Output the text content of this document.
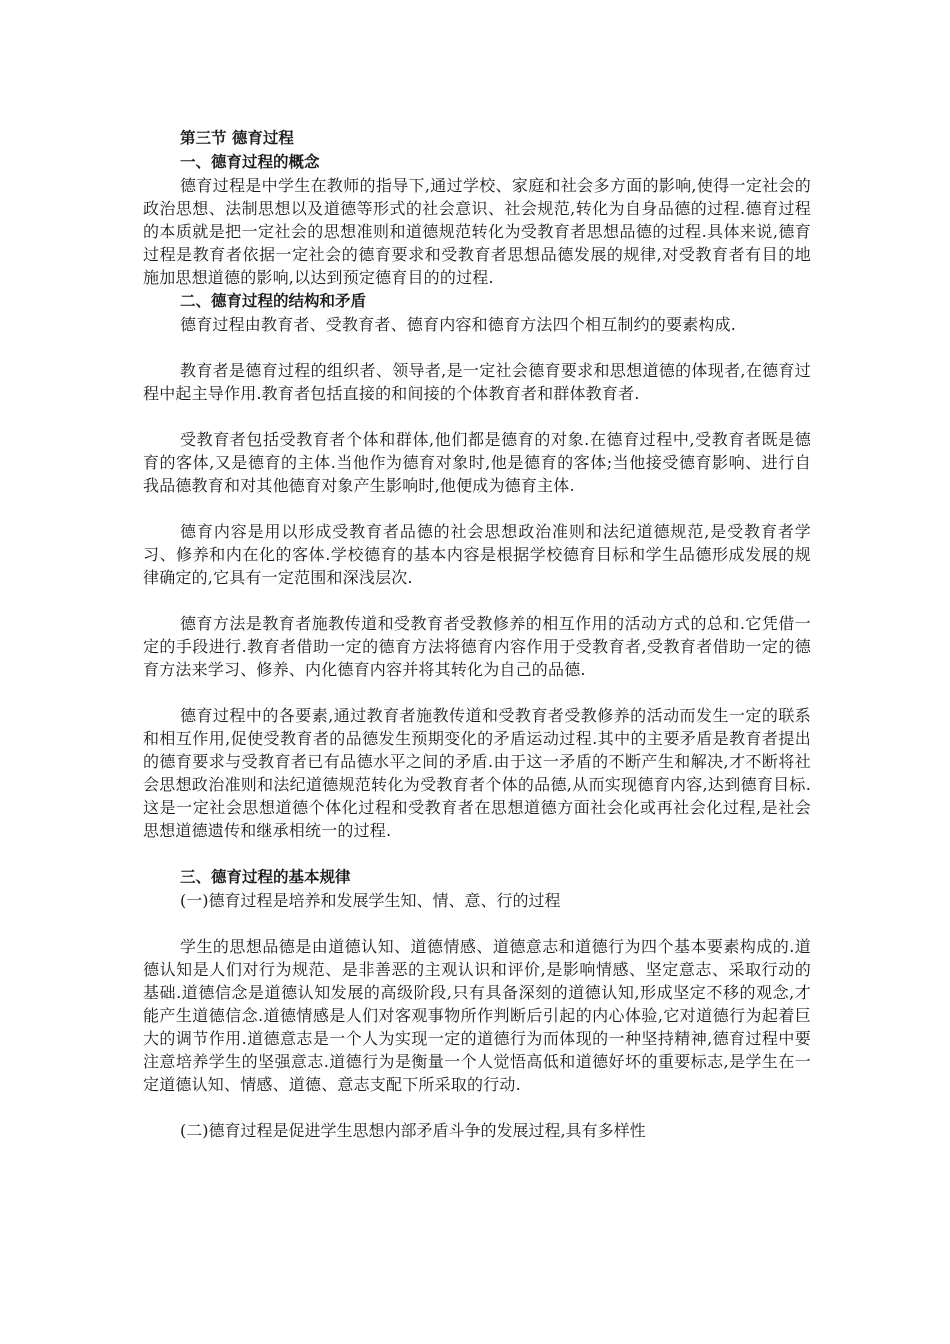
第三节 德育过程

一、德育过程的概念

德育过程是中学生在教师的指导下,通过学校、家庭和社会多方面的影响,使得一定社会的政治思想、法制思想以及道德等形式的社会意识、社会规范,转化为自身品德的过程.德育过程的本质就是把一定社会的思想准则和道德规范转化为受教育者思想品德的过程.具体来说,德育过程是教育者依据一定社会的德育要求和受教育者思想品德发展的规律,对受教育者有目的地施加思想道德的影响,以达到预定德育目的的过程.

二、德育过程的结构和矛盾

德育过程由教育者、受教育者、德育内容和德育方法四个相互制约的要素构成.

教育者是德育过程的组织者、领导者,是一定社会德育要求和思想道德的体现者,在德育过程中起主导作用.教育者包括直接的和间接的个体教育者和群体教育者.

受教育者包括受教育者个体和群体,他们都是德育的对象.在德育过程中,受教育者既是德育的客体,又是德育的主体.当他作为德育对象时,他是德育的客体;当他接受德育影响、进行自我品德教育和对其他德育对象产生影响时,他便成为德育主体.

德育内容是用以形成受教育者品德的社会思想政治准则和法纪道德规范,是受教育者学习、修养和内在化的客体.学校德育的基本内容是根据学校德育目标和学生品德形成发展的规律确定的,它具有一定范围和深浅层次.

德育方法是教育者施教传道和受教育者受教修养的相互作用的活动方式的总和.它凭借一定的手段进行.教育者借助一定的德育方法将德育内容作用于受教育者,受教育者借助一定的德育方法来学习、修养、内化德育内容并将其转化为自己的品德.

德育过程中的各要素,通过教育者施教传道和受教育者受教修养的活动而发生一定的联系和相互作用,促使受教育者的品德发生预期变化的矛盾运动过程.其中的主要矛盾是教育者提出的德育要求与受教育者已有品德水平之间的矛盾.由于这一矛盾的不断产生和解决,才不断将社会思想政治准则和法纪道德规范转化为受教育者个体的品德,从而实现德育内容,达到德育目标.这是一定社会思想道德个体化过程和受教育者在思想道德方面社会化或再社会化过程,是社会思想道德遗传和继承相统一的过程.

三、德育过程的基本规律

(一)德育过程是培养和发展学生知、情、意、行的过程

学生的思想品德是由道德认知、道德情感、道德意志和道德行为四个基本要素构成的.道德认知是人们对行为规范、是非善恶的主观认识和评价,是影响情感、坚定意志、采取行动的基础.道德信念是道德认知发展的高级阶段,只有具备深刻的道德认知,形成坚定不移的观念,才能产生道德信念.道德情感是人们对客观事物所作判断后引起的内心体验,它对道德行为起着巨大的调节作用.道德意志是一个人为实现一定的道德行为而体现的一种坚持精神,德育过程中要注意培养学生的坚强意志.道德行为是衡量一个人觉悟高低和道德好坏的重要标志,是学生在一定道德认知、情感、道德、意志支配下所采取的行动.

(二)德育过程是促进学生思想内部矛盾斗争的发展过程,具有多样性
